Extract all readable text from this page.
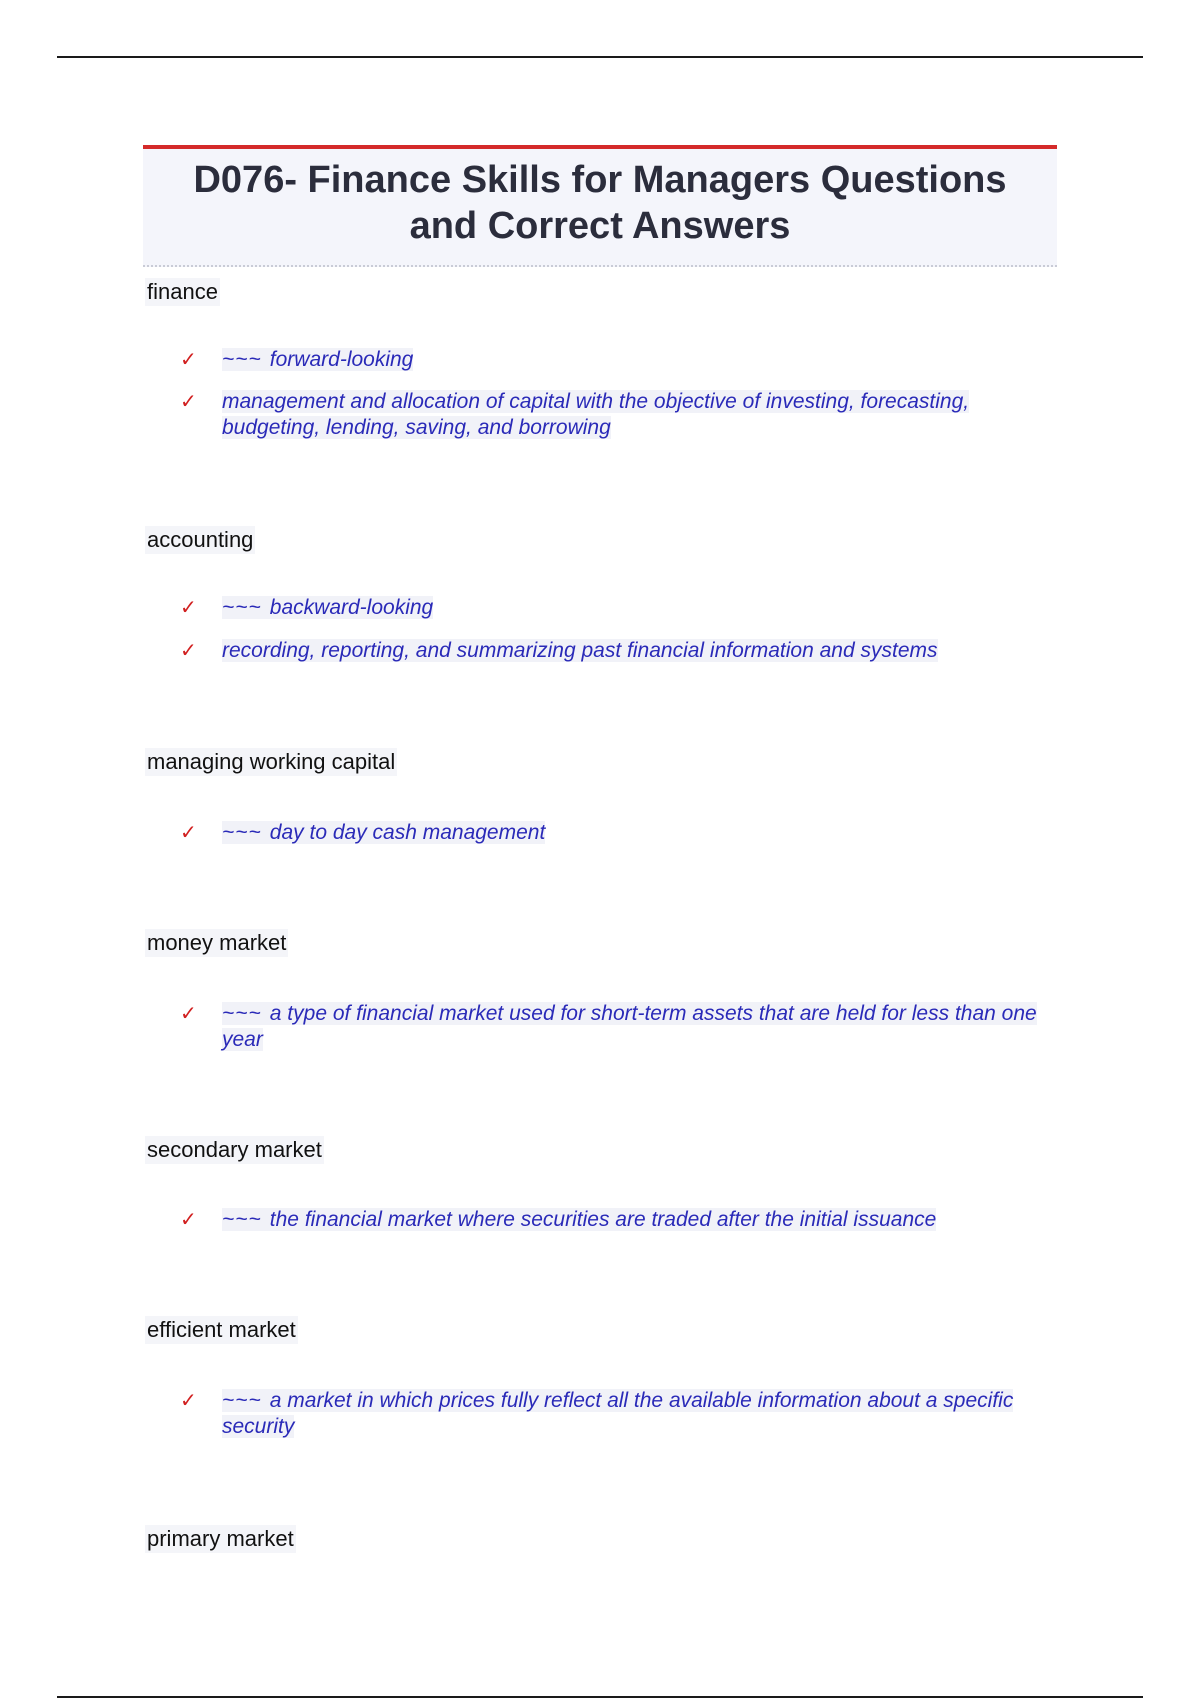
D076- Finance Skills for Managers Questions
and Correct Answers
finance
✓ ~~~ forward-looking
✓ management and allocation of capital with the objective of investing, forecasting, budgeting, lending, saving, and borrowing
accounting
✓ ~~~ backward-looking
✓ recording, reporting, and summarizing past financial information and systems
managing working capital
✓ ~~~ day to day cash management
money market
✓ ~~~ a type of financial market used for short-term assets that are held for less than one year
secondary market
✓ ~~~ the financial market where securities are traded after the initial issuance
efficient market
✓ ~~~ a market in which prices fully reflect all the available information about a specific security
primary market
